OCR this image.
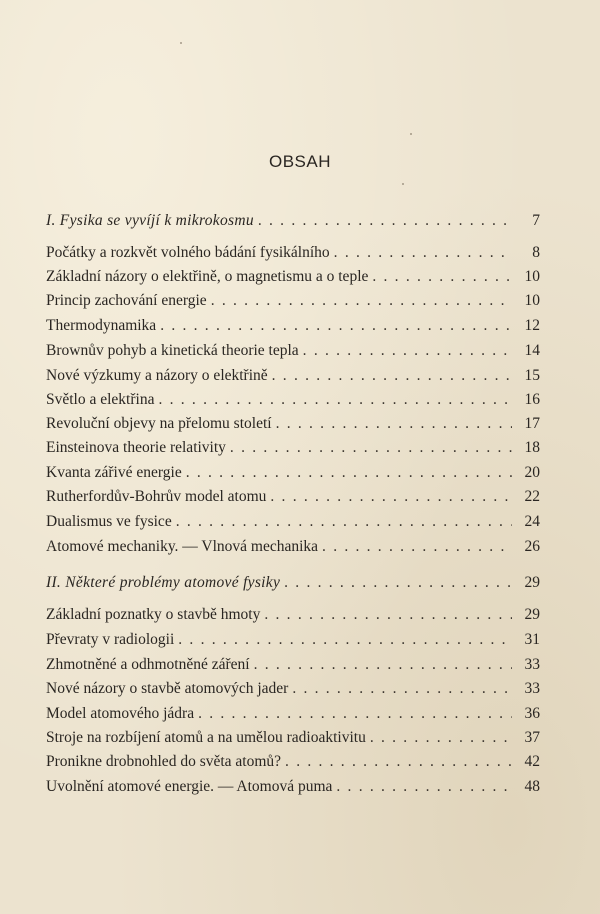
OBSAH
I. Fysika se vyvíjí k mikrokosmu . . .	7
Počátky a rozkvět volného bádání fysikálního . . .	8
Základní názory o elektřině, o magnetismu a o teple . . .	10
Princip zachování energie . . .	10
Thermodynamika . . .	12
Brownův pohyb a kinetická theorie tepla . . .	14
Nové výzkumy a názory o elektřině . . .	15
Světlo a elektřina . . .	16
Revoluční objevy na přelomu století . . .	17
Einsteinova theorie relativity . . .	18
Kvanta zářivé energie . . .	20
Rutherfordův-Bohrův model atomu . . .	22
Dualismus ve fysice . . .	24
Atomové mechaniky. — Vlnová mechanika . . .	26
II. Některé problémy atomové fysiky . . .	29
Základní poznatky o stavbě hmoty . . .	29
Převraty v radiologii . . .	31
Zhmotněné a odhmotněné záření . . .	33
Nové názory o stavbě atomových jader . . .	33
Model atomového jádra . . .	36
Stroje na rozbíjení atomů a na umělou radioaktivitu . . .	37
Pronikne drobnohled do světa atomů? . . .	42
Uvolnění atomové energie. — Atomová puma . . .	48
